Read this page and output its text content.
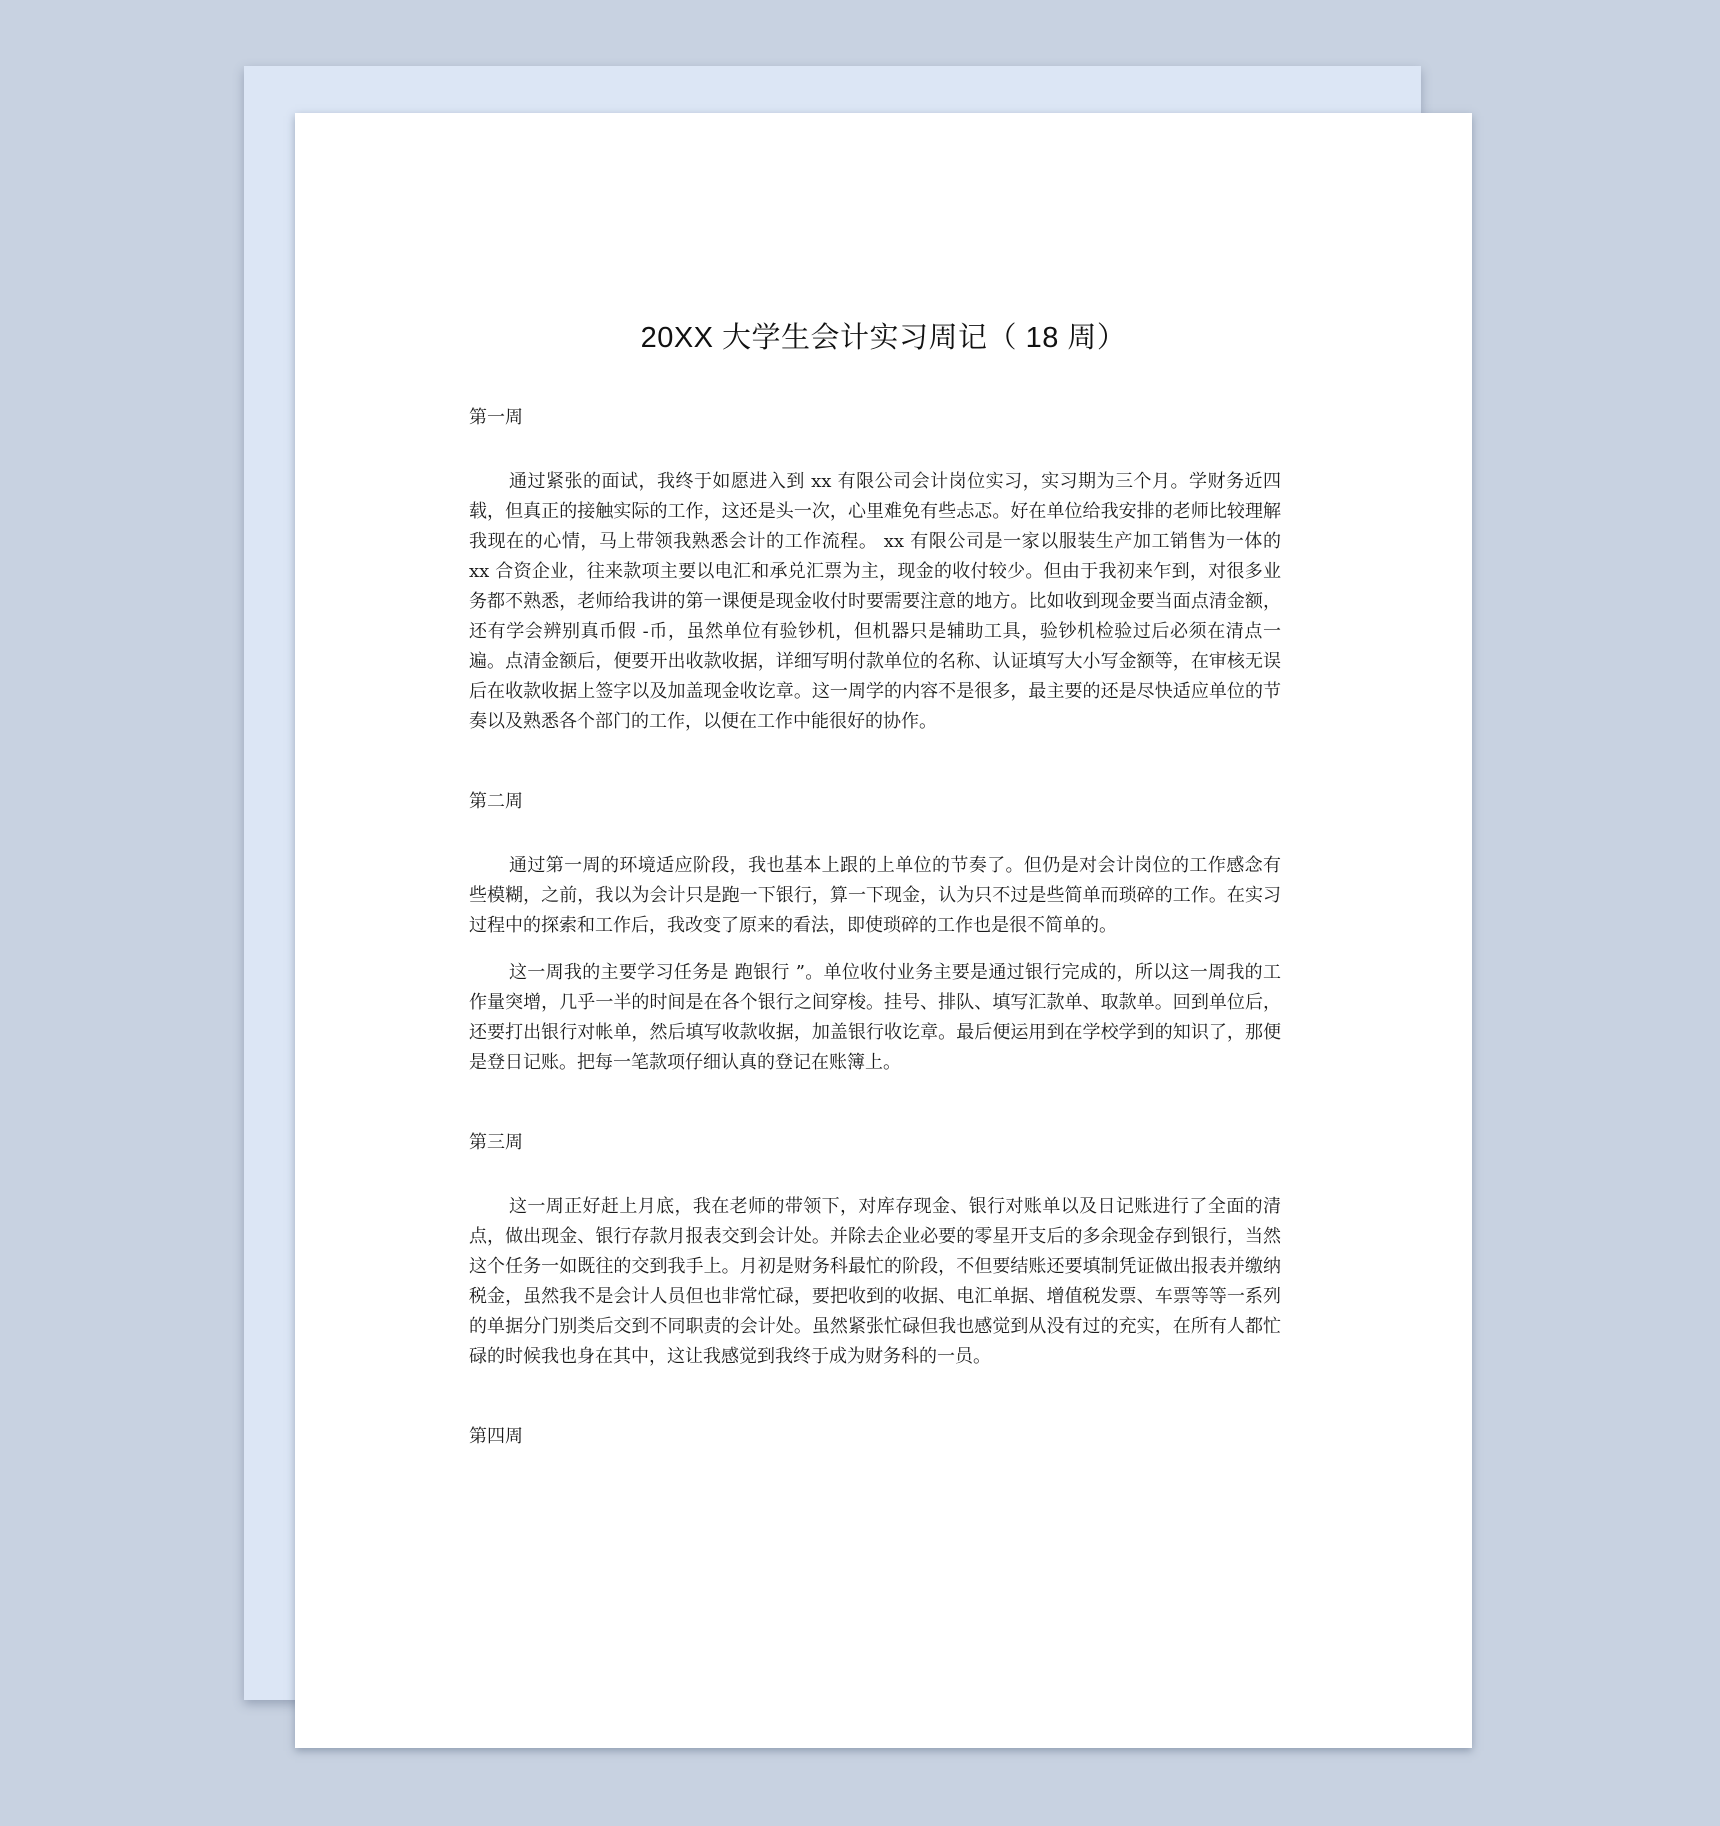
20XX 大学生会计实习周记（ 18 周）
第一周

通过紧张的面试，我终于如愿进入到 xx 有限公司会计岗位实习，实习期为三个月。学财务近四载，但真正的接触实际的工作，这还是头一次，心里难免有些忐忑。好在单位给我安排的老师比较理解我现在的心情，马上带领我熟悉会计的工作流程。 xx 有限公司是一家以服装生产加工销售为一体的 xx 合资企业，往来款项主要以电汇和承兑汇票为主，现金的收付较少。但由于我初来乍到，对很多业务都不熟悉，老师给我讲的第一课便是现金收付时要需要注意的地方。比如收到现金要当面点清金额，还有学会辨别真币假 -币，虽然单位有验钞机，但机器只是辅助工具，验钞机检验过后必须在清点一遍。点清金额后，便要开出收款收据，详细写明付款单位的名称、认证填写大小写金额等，在审核无误后在收款收据上签字以及加盖现金收讫章。这一周学的内容不是很多，最主要的还是尽快适应单位的节奏以及熟悉各个部门的工作，以便在工作中能很好的协作。

第二周

通过第一周的环境适应阶段，我也基本上跟的上单位的节奏了。但仍是对会计岗位的工作感念有些模糊，之前，我以为会计只是跑一下银行，算一下现金，认为只不过是些简单而琐碎的工作。在实习过程中的探索和工作后，我改变了原来的看法，即使琐碎的工作也是很不简单的。

这一周我的主要学习任务是 跑银行 ”。单位收付业务主要是通过银行完成的，所以这一周我的工作量突增，几乎一半的时间是在各个银行之间穿梭。挂号、排队、填写汇款单、取款单。回到单位后，还要打出银行对帐单，然后填写收款收据，加盖银行收讫章。最后便运用到在学校学到的知识了，那便是登日记账。把每一笔款项仔细认真的登记在账簿上。

第三周

这一周正好赶上月底，我在老师的带领下，对库存现金、银行对账单以及日记账进行了全面的清点，做出现金、银行存款月报表交到会计处。并除去企业必要的零星开支后的多余现金存到银行，当然这个任务一如既往的交到我手上。月初是财务科最忙的阶段，不但要结账还要填制凭证做出报表并缴纳税金，虽然我不是会计人员但也非常忙碌，要把收到的收据、电汇单据、增值税发票、车票等等一系列的单据分门别类后交到不同职责的会计处。虽然紧张忙碌但我也感觉到从没有过的充实，在所有人都忙碌的时候我也身在其中，这让我感觉到我终于成为财务科的一员。

第四周
